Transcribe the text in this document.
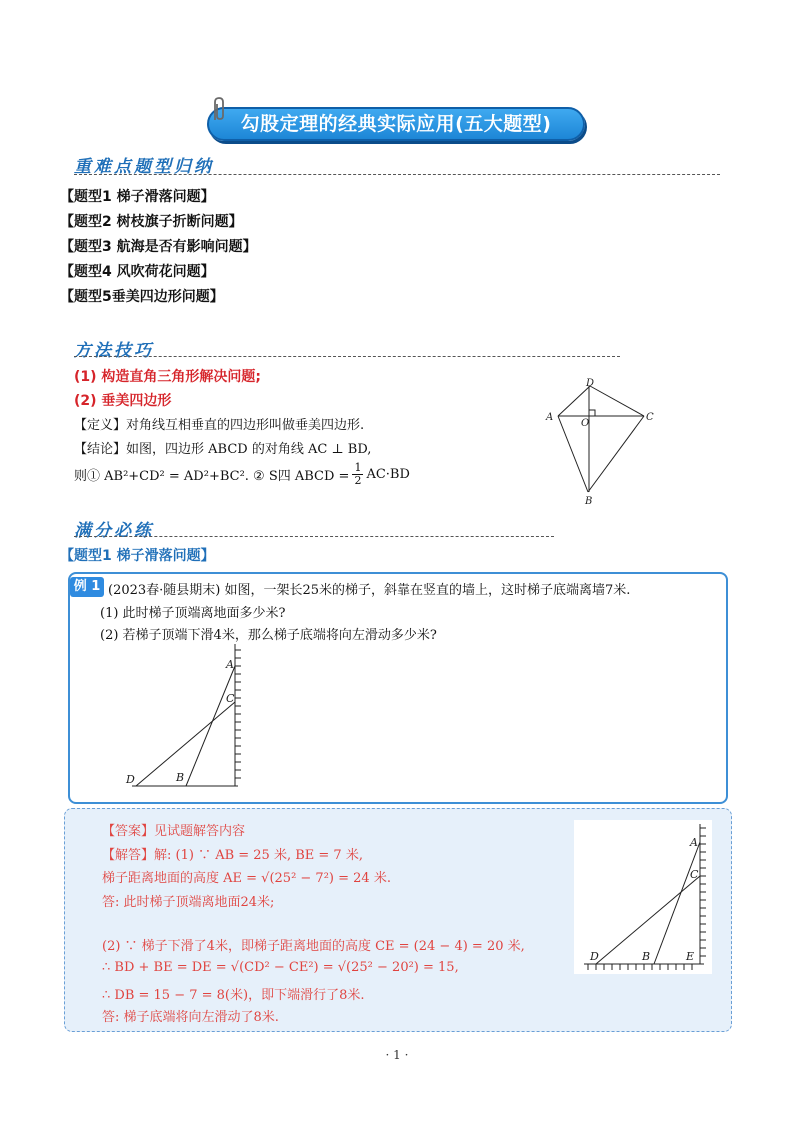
勾股定理的经典实际应用(五大题型)
重难点题型归纳
【题型1 梯子滑落问题】
【题型2 树枝旗子折断问题】
【题型3 航海是否有影响问题】
【题型4 风吹荷花问题】
【题型5垂美四边形问题】
方法技巧
(1) 构造直角三角形解决问题;
(2) 垂美四边形
【定义】对角线互相垂直的四边形叫做垂美四边形.
【结论】如图，四边形 ABCD 的对角线 AC ⊥ BD,
则① AB²+CD² = AD²+BC². ② S四 ABCD = $\frac{1}{2} AC\cdot BD$
D
A	C
O
B
满分必练
【题型1 梯子滑落问题】
例 1 (2023春·随县期末) 如图，一架长25米的梯子，斜靠在竖直的墙上，这时梯子底端离墙7米.
(1) 此时梯子顶端离地面多少米?
(2) 若梯子顶端下滑4米，那么梯子底端将向左滑动多少米?
A
C
D	B
【答案】见试题解答内容
【解答】解: (1) ∵ AB = 25 米, BE = 7 米,
梯子距离地面的高度 AE = √(25² − 7²) = 24 米.
答: 此时梯子顶端离地面24米;
(2) ∵ 梯子下滑了4米，即梯子距离地面的高度 CE = (24 − 4) = 20 米,
∴ BD + BE = DE = √(CD² − CE²) = √(25² − 20²) = 15,
∴ DB = 15 − 7 = 8(米)，即下端滑行了8米.
答: 梯子底端将向左滑动了8米.
A
C
D	B	E
· 1 ·
